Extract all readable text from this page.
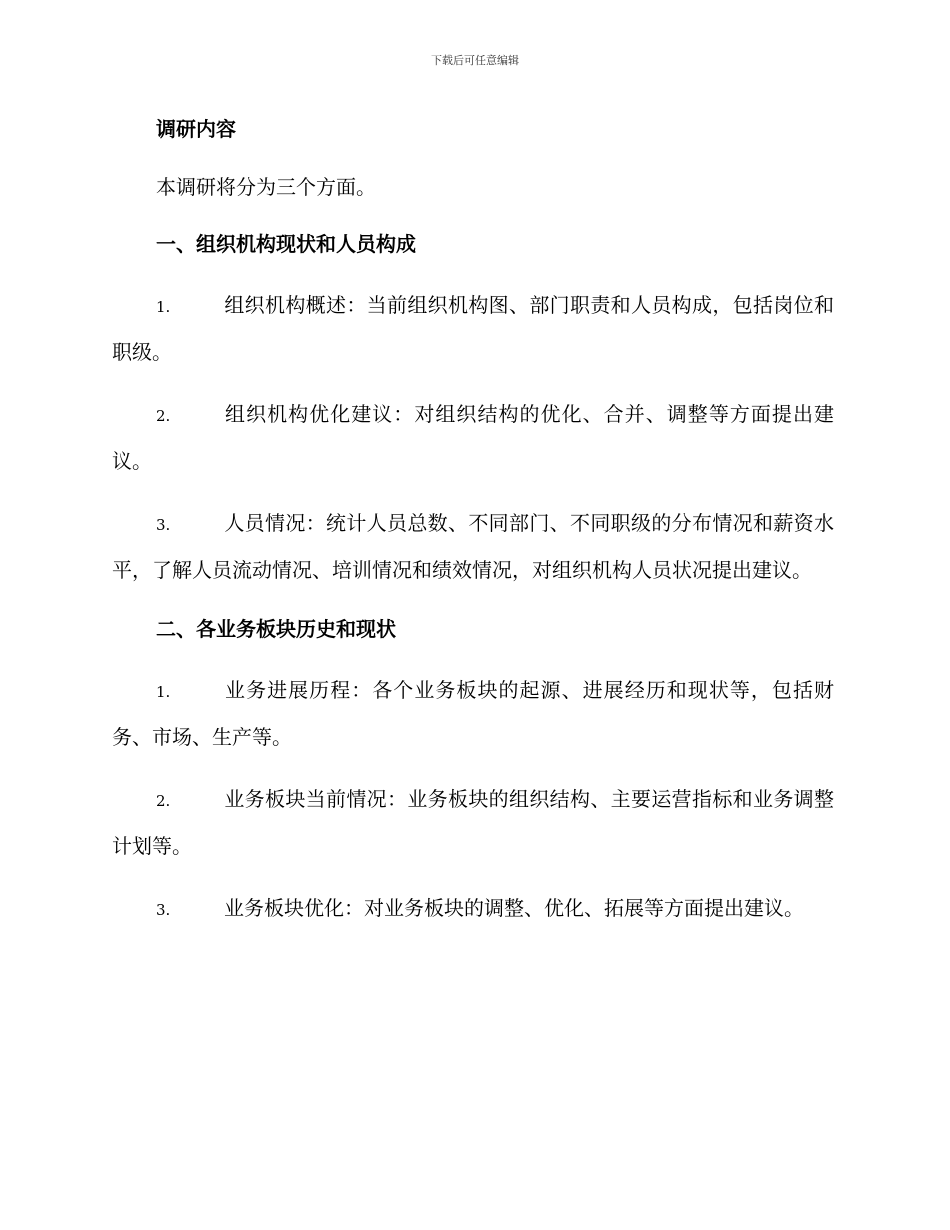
下载后可任意编辑
调研内容

本调研将分为三个方面。

一、组织机构现状和人员构成

1.	组织机构概述：当前组织机构图、部门职责和人员构成，包括岗位和职级。

2.	组织机构优化建议：对组织结构的优化、合并、调整等方面提出建议。

3.	人员情况：统计人员总数、不同部门、不同职级的分布情况和薪资水平，了解人员流动情况、培训情况和绩效情况，对组织机构人员状况提出建议。

二、各业务板块历史和现状

1.	业务进展历程：各个业务板块的起源、进展经历和现状等，包括财务、市场、生产等。

2.	业务板块当前情况：业务板块的组织结构、主要运营指标和业务调整计划等。

3.	业务板块优化：对业务板块的调整、优化、拓展等方面提出建议。
